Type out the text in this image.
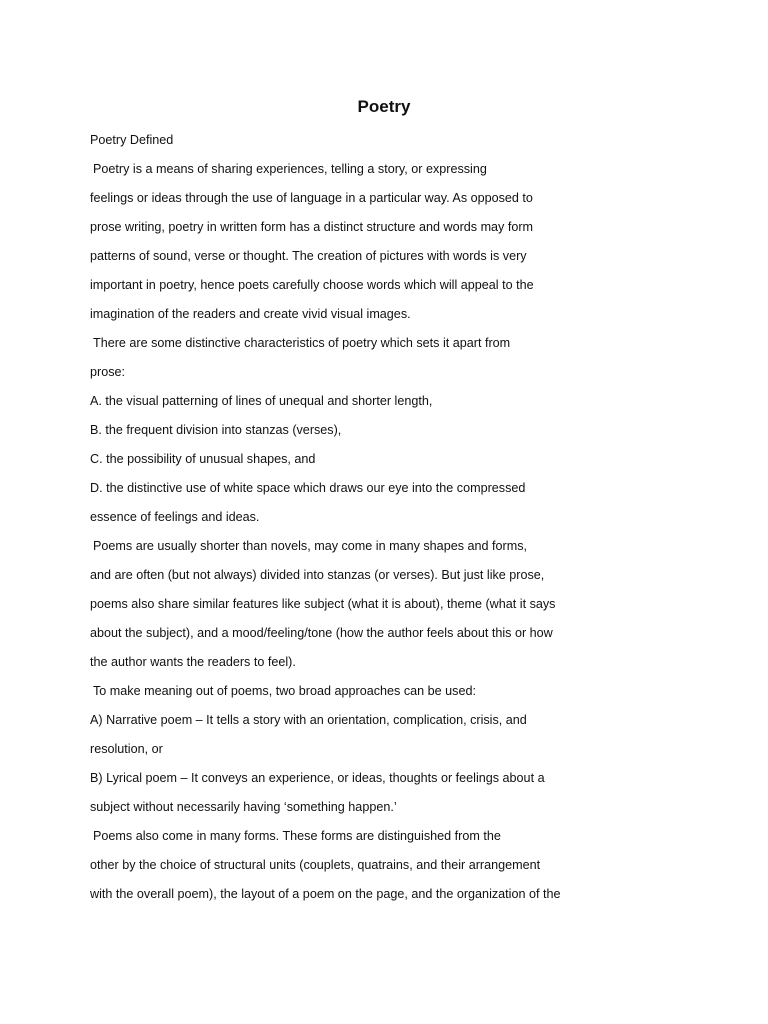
Poetry
Poetry Defined
Poetry is a means of sharing experiences, telling a story, or expressing
feelings or ideas through the use of language in a particular way. As opposed to
prose writing, poetry in written form has a distinct structure and words may form
patterns of sound, verse or thought. The creation of pictures with words is very
important in poetry, hence poets carefully choose words which will appeal to the
imagination of the readers and create vivid visual images.
There are some distinctive characteristics of poetry which sets it apart from
prose:
A. the visual patterning of lines of unequal and shorter length,
B. the frequent division into stanzas (verses),
C. the possibility of unusual shapes, and
D. the distinctive use of white space which draws our eye into the compressed
essence of feelings and ideas.
Poems are usually shorter than novels, may come in many shapes and forms,
and are often (but not always) divided into stanzas (or verses). But just like prose,
poems also share similar features like subject (what it is about), theme (what it says
about the subject), and a mood/feeling/tone (how the author feels about this or how
the author wants the readers to feel).
To make meaning out of poems, two broad approaches can be used:
A) Narrative poem – It tells a story with an orientation, complication, crisis, and
resolution, or
B) Lyrical poem – It conveys an experience, or ideas, thoughts or feelings about a
subject without necessarily having ‘something happen.’
Poems also come in many forms. These forms are distinguished from the
other by the choice of structural units (couplets, quatrains, and their arrangement
with the overall poem), the layout of a poem on the page, and the organization of the
